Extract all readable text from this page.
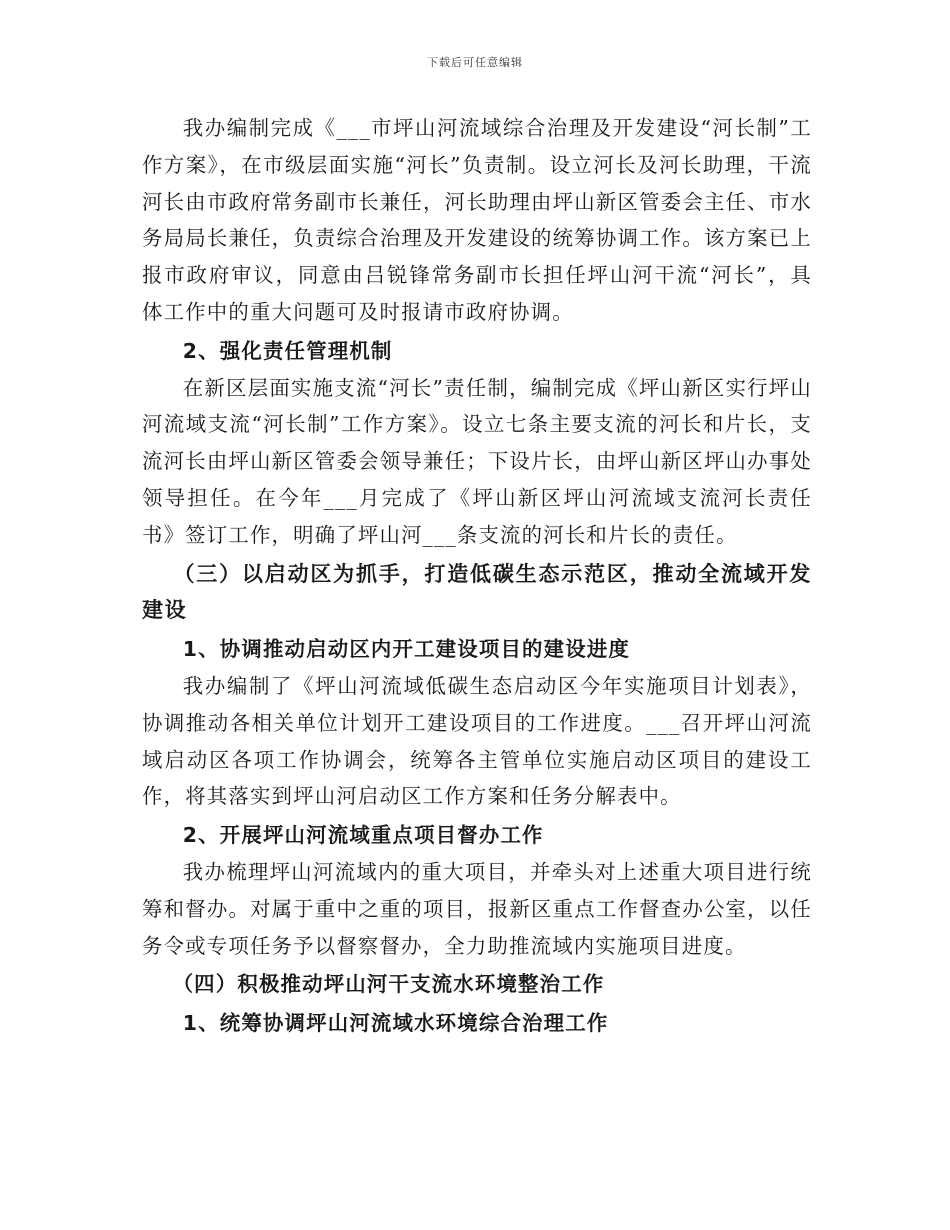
下载后可任意编辑

我办编制完成《___市坪山河流域综合治理及开发建设“河长制”工作方案》，在市级层面实施“河长”负责制。设立河长及河长助理，干流河长由市政府常务副市长兼任，河长助理由坪山新区管委会主任、市水务局局长兼任，负责综合治理及开发建设的统筹协调工作。该方案已上报市政府审议，同意由吕锐锋常务副市长担任坪山河干流“河长”，具体工作中的重大问题可及时报请市政府协调。

2、强化责任管理机制

在新区层面实施支流“河长”责任制，编制完成《坪山新区实行坪山河流域支流“河长制”工作方案》。设立七条主要支流的河长和片长，支流河长由坪山新区管委会领导兼任；下设片长，由坪山新区坪山办事处领导担任。在今年___月完成了《坪山新区坪山河流域支流河长责任书》签订工作，明确了坪山河___条支流的河长和片长的责任。

（三）以启动区为抓手，打造低碳生态示范区，推动全流域开发建设

1、协调推动启动区内开工建设项目的建设进度

我办编制了《坪山河流域低碳生态启动区今年实施项目计划表》，协调推动各相关单位计划开工建设项目的工作进度。___召开坪山河流域启动区各项工作协调会，统筹各主管单位实施启动区项目的建设工作，将其落实到坪山河启动区工作方案和任务分解表中。

2、开展坪山河流域重点项目督办工作

我办梳理坪山河流域内的重大项目，并牵头对上述重大项目进行统筹和督办。对属于重中之重的项目，报新区重点工作督查办公室，以任务令或专项任务予以督察督办，全力助推流域内实施项目进度。

（四）积极推动坪山河干支流水环境整治工作

1、统筹协调坪山河流域水环境综合治理工作
